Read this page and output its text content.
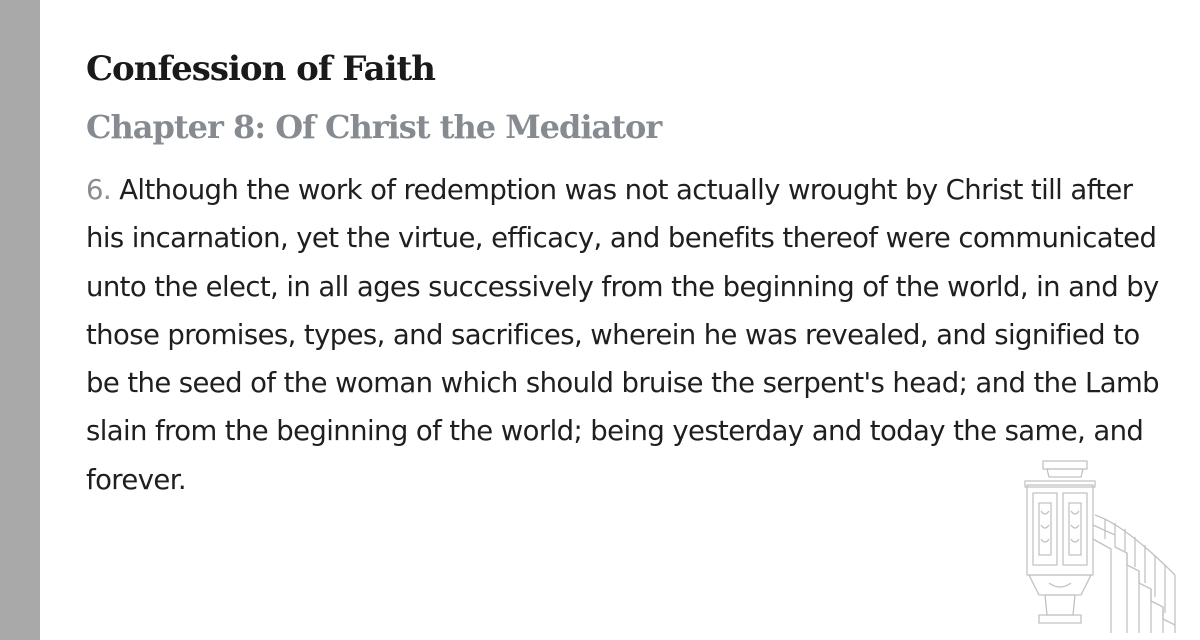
Confession of Faith
Chapter 8: Of Christ the Mediator

6. Although the work of redemption was not actually wrought by Christ till after his incarnation, yet the virtue, efficacy, and benefits thereof were communicated unto the elect, in all ages successively from the beginning of the world, in and by those promises, types, and sacrifices, wherein he was revealed, and signified to be the seed of the woman which should bruise the serpent's head; and the Lamb slain from the beginning of the world; being yesterday and today the same, and forever.
